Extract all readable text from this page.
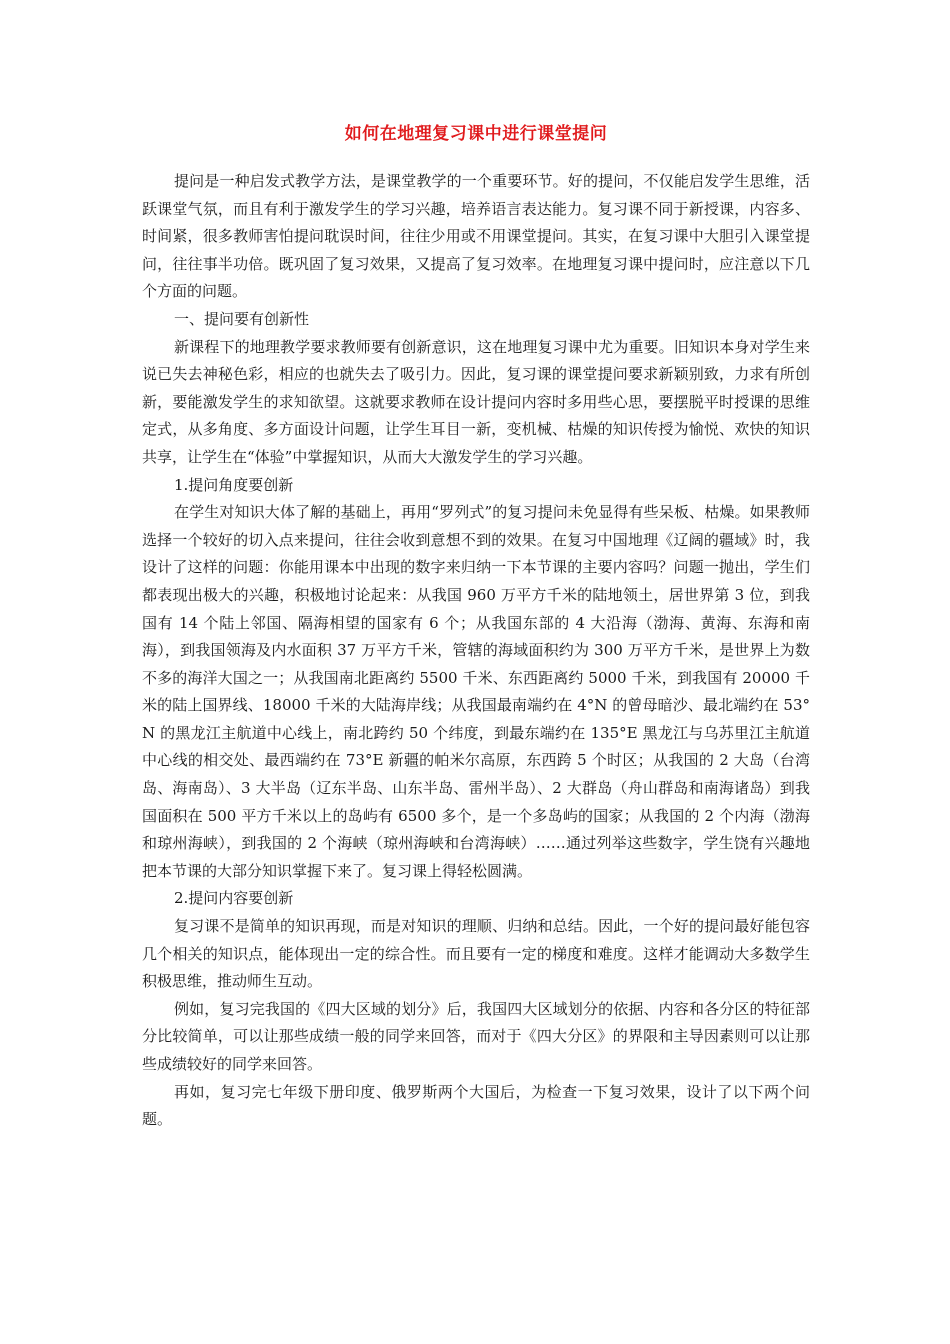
如何在地理复习课中进行课堂提问

提问是一种启发式教学方法，是课堂教学的一个重要环节。好的提问，不仅能启发学生思维，活跃课堂气氛，而且有利于激发学生的学习兴趣，培养语言表达能力。复习课不同于新授课，内容多、时间紧，很多教师害怕提问耽误时间，往往少用或不用课堂提问。其实，在复习课中大胆引入课堂提问，往往事半功倍。既巩固了复习效果，又提高了复习效率。在地理复习课中提问时，应注意以下几个方面的问题。

一、提问要有创新性

新课程下的地理教学要求教师要有创新意识，这在地理复习课中尤为重要。旧知识本身对学生来说已失去神秘色彩，相应的也就失去了吸引力。因此，复习课的课堂提问要求新颖别致，力求有所创新，要能激发学生的求知欲望。这就要求教师在设计提问内容时多用些心思，要摆脱平时授课的思维定式，从多角度、多方面设计问题，让学生耳目一新，变机械、枯燥的知识传授为愉悦、欢快的知识共享，让学生在“体验”中掌握知识，从而大大激发学生的学习兴趣。

1.提问角度要创新

在学生对知识大体了解的基础上，再用“罗列式”的复习提问未免显得有些呆板、枯燥。如果教师选择一个较好的切入点来提问，往往会收到意想不到的效果。在复习中国地理《辽阔的疆域》时，我设计了这样的问题：你能用课本中出现的数字来归纳一下本节课的主要内容吗？问题一抛出，学生们都表现出极大的兴趣，积极地讨论起来：从我国 960 万平方千米的陆地领土，居世界第 3 位，到我国有 14 个陆上邻国、隔海相望的国家有 6 个；从我国东部的 4 大沿海（渤海、黄海、东海和南海），到我国领海及内水面积 37 万平方千米，管辖的海域面积约为 300 万平方千米，是世界上为数不多的海洋大国之一；从我国南北距离约 5500 千米、东西距离约 5000 千米，到我国有 20000 千米的陆上国界线、18000 千米的大陆海岸线；从我国最南端约在 4°N 的曾母暗沙、最北端约在 53°N 的黑龙江主航道中心线上，南北跨约 50 个纬度，到最东端约在 135°E 黑龙江与乌苏里江主航道中心线的相交处、最西端约在 73°E 新疆的帕米尔高原，东西跨 5 个时区；从我国的 2 大岛（台湾岛、海南岛）、3 大半岛（辽东半岛、山东半岛、雷州半岛）、2 大群岛（舟山群岛和南海诸岛）到我国面积在 500 平方千米以上的岛屿有 6500 多个，是一个多岛屿的国家；从我国的 2 个内海（渤海和琼州海峡），到我国的 2 个海峡（琼州海峡和台湾海峡）……通过列举这些数字，学生饶有兴趣地把本节课的大部分知识掌握下来了。复习课上得轻松圆满。

2.提问内容要创新

复习课不是简单的知识再现，而是对知识的理顺、归纳和总结。因此，一个好的提问最好能包容几个相关的知识点，能体现出一定的综合性。而且要有一定的梯度和难度。这样才能调动大多数学生积极思维，推动师生互动。

例如，复习完我国的《四大区域的划分》后，我国四大区域划分的依据、内容和各分区的特征部分比较简单，可以让那些成绩一般的同学来回答，而对于《四大分区》的界限和主导因素则可以让那些成绩较好的同学来回答。

再如，复习完七年级下册印度、俄罗斯两个大国后，为检查一下复习效果，设计了以下两个问题。
